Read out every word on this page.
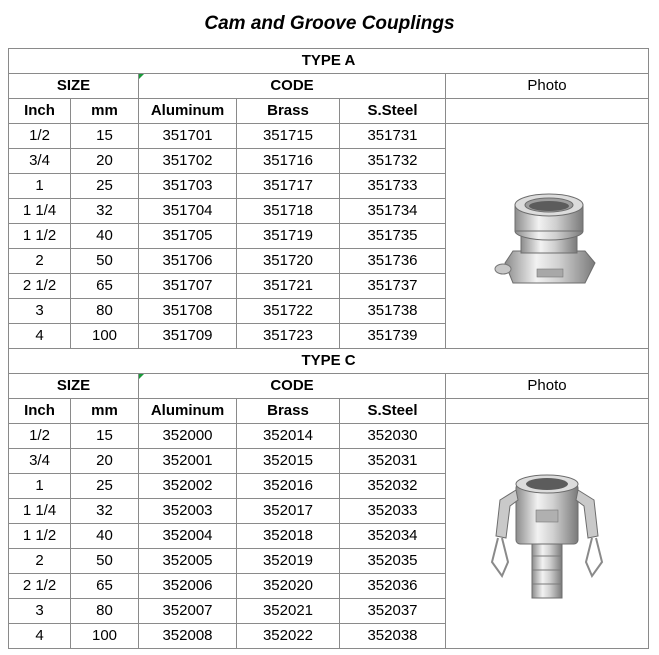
Cam and Groove Couplings
TYPE A					
SIZE		CODE			Photo
Inch	mm	Aluminum	Brass	S.Steel	
1/2	15	351701	351715	351731	

3/4	20	351702	351716	351732	
1	25	351703	351717	351733	
1 1/4	32	351704	351718	351734	
1 1/2	40	351705	351719	351735	
2	50	351706	351720	351736	
2 1/2	65	351707	351721	351737	
3	80	351708	351722	351738	
4	100	351709	351723	351739	
TYPE C					
SIZE		CODE			Photo
Inch	mm	Aluminum	Brass	S.Steel	
1/2	15	352000	352014	352030	

3/4	20	352001	352015	352031	
1	25	352002	352016	352032	
1 1/4	32	352003	352017	352033	
1 1/2	40	352004	352018	352034	
2	50	352005	352019	352035	
2 1/2	65	352006	352020	352036	
3	80	352007	352021	352037	
4	100	352008	352022	352038	
